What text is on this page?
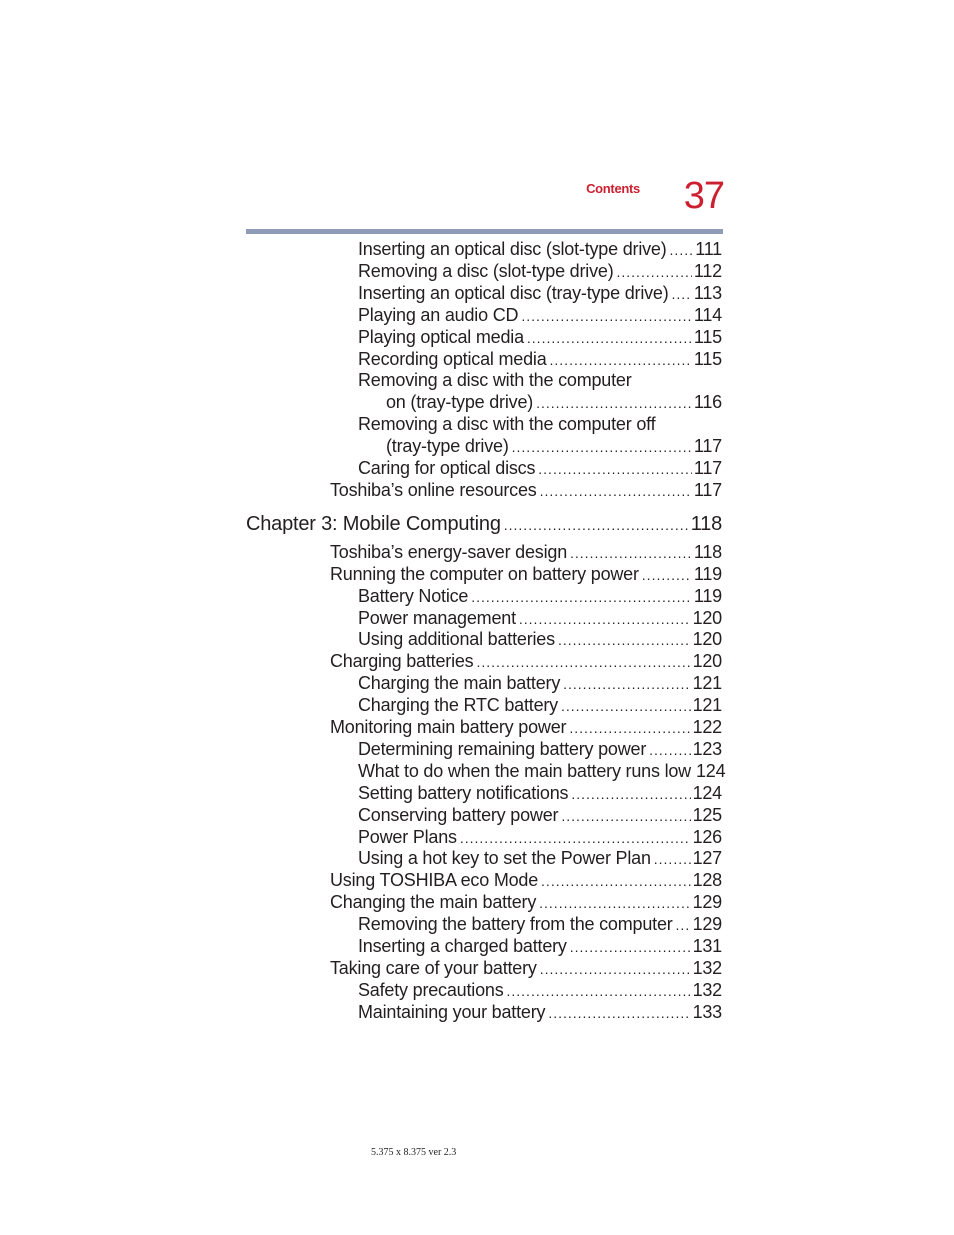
Contents	37
Inserting an optical disc (slot-type drive) ..... 111
Removing a disc (slot-type drive) .....	112
Inserting an optical disc (tray-type drive) ..... 113
Playing an audio CD .....	114
Playing optical media .....	115
Recording optical media .....	115
Removing a disc with the computer
on (tray-type drive) .....	116
Removing a disc with the computer off
(tray-type drive) .....	117
Caring for optical discs .....	117
Toshiba’s online resources .....	117
Chapter 3: Mobile Computing .....	118
Toshiba’s energy-saver design .....	118
Running the computer on battery power .....	119
Battery Notice .....	119
Power management .....	120
Using additional batteries .....	120
Charging batteries .....	120
Charging the main battery .....	121
Charging the RTC battery .....	121
Monitoring main battery power .....	122
Determining remaining battery power .....	123
What to do when the main battery runs low 124
Setting battery notifications .....	124
Conserving battery power .....	125
Power Plans .....	126
Using a hot key to set the Power Plan ..... 127
Using TOSHIBA eco Mode .....	128
Changing the main battery .....	129
Removing the battery from the computer ..... 129
Inserting a charged battery .....	131
Taking care of your battery .....	132
Safety precautions .....	132
Maintaining your battery .....	133
5.375 x 8.375 ver 2.3
